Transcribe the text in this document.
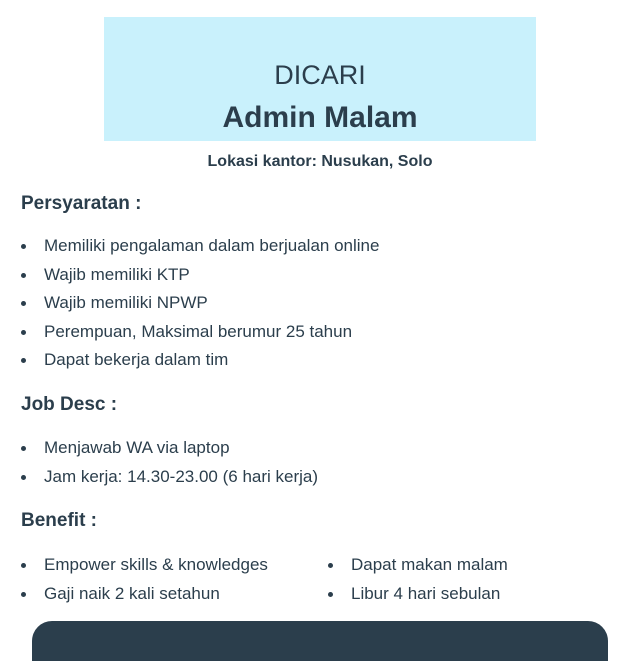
DICARI
Admin Malam
Lokasi kantor: Nusukan, Solo
Persyaratan :
Memiliki pengalaman dalam berjualan online
Wajib memiliki KTP
Wajib memiliki NPWP
Perempuan, Maksimal berumur 25 tahun
Dapat bekerja dalam tim
Job Desc :
Menjawab WA via laptop
Jam kerja: 14.30-23.00 (6 hari kerja)
Benefit :
Empower skills & knowledges
Gaji naik 2 kali setahun
Dapat makan malam
Libur 4 hari sebulan
